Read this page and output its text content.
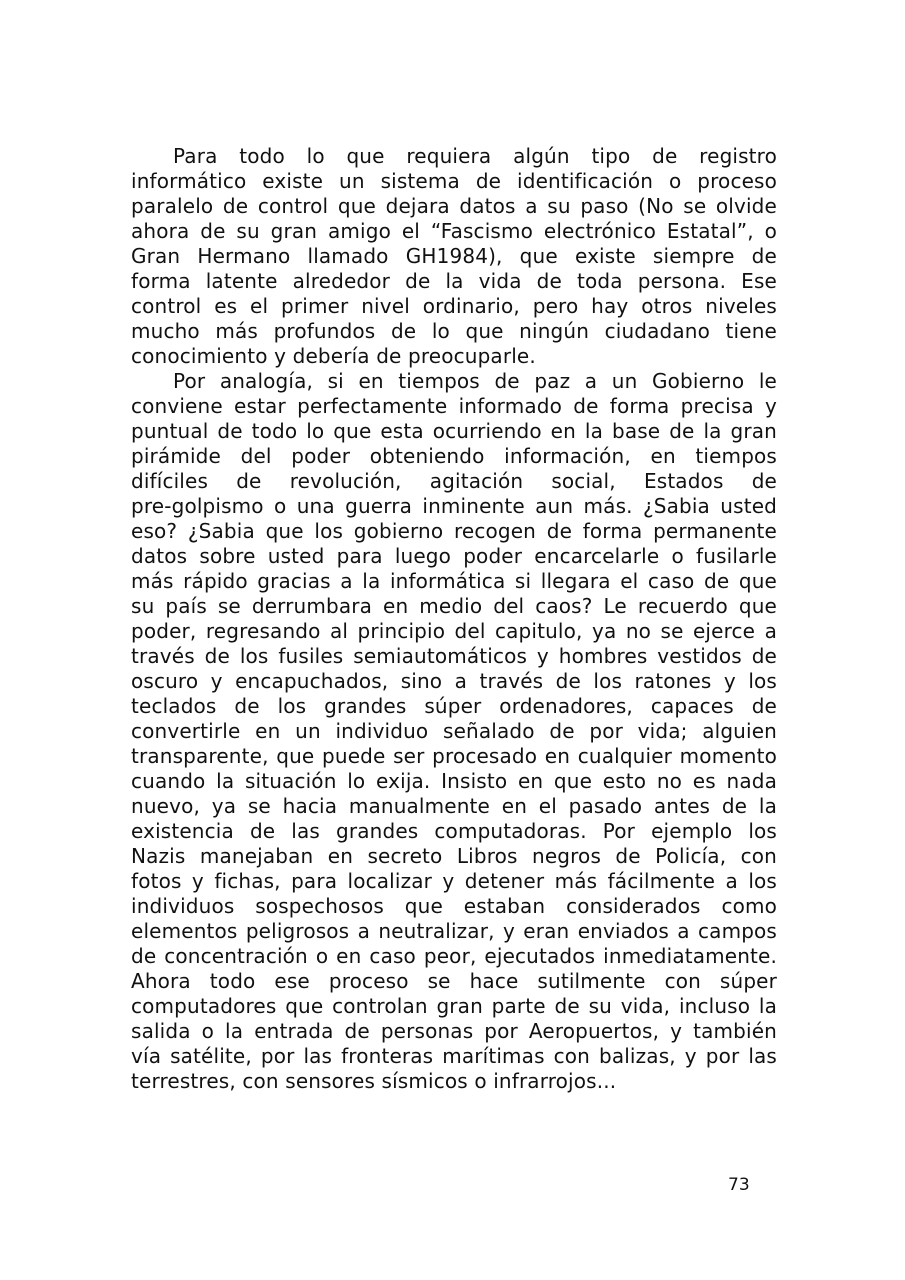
Para todo lo que requiera algún tipo de registro
informático existe un sistema de identificación o proceso
paralelo de control que dejara datos a su paso (No se olvide
ahora de su gran amigo el “Fascismo electrónico Estatal”, o
Gran Hermano llamado GH1984), que existe siempre de
forma latente alrededor de la vida de toda persona. Ese
control es el primer nivel ordinario, pero hay otros niveles
mucho más profundos de lo que ningún ciudadano tiene
conocimiento y debería de preocuparle.
Por analogía, si en tiempos de paz a un Gobierno le
conviene estar perfectamente informado de forma precisa y
puntual de todo lo que esta ocurriendo en la base de la gran
pirámide del poder obteniendo información, en tiempos
difíciles de revolución, agitación social, Estados de
pre-golpismo o una guerra inminente aun más. ¿Sabia usted
eso? ¿Sabia que los gobierno recogen de forma permanente
datos sobre usted para luego poder encarcelarle o fusilarle
más rápido gracias a la informática si llegara el caso de que
su país se derrumbara en medio del caos? Le recuerdo que
poder, regresando al principio del capitulo, ya no se ejerce a
través de los fusiles semiautomáticos y hombres vestidos de
oscuro y encapuchados, sino a través de los ratones y los
teclados de los grandes súper ordenadores, capaces de
convertirle en un individuo señalado de por vida; alguien
transparente, que puede ser procesado en cualquier momento
cuando la situación lo exija. Insisto en que esto no es nada
nuevo, ya se hacia manualmente en el pasado antes de la
existencia de las grandes computadoras. Por ejemplo los
Nazis manejaban en secreto Libros negros de Policía, con
fotos y fichas, para localizar y detener más fácilmente a los
individuos sospechosos que estaban considerados como
elementos peligrosos a neutralizar, y eran enviados a campos
de concentración o en caso peor, ejecutados inmediatamente.
Ahora todo ese proceso se hace sutilmente con súper
computadores que controlan gran parte de su vida, incluso la
salida o la entrada de personas por Aeropuertos, y también
vía satélite, por las fronteras marítimas con balizas, y por las
terrestres, con sensores sísmicos o infrarrojos...
73
